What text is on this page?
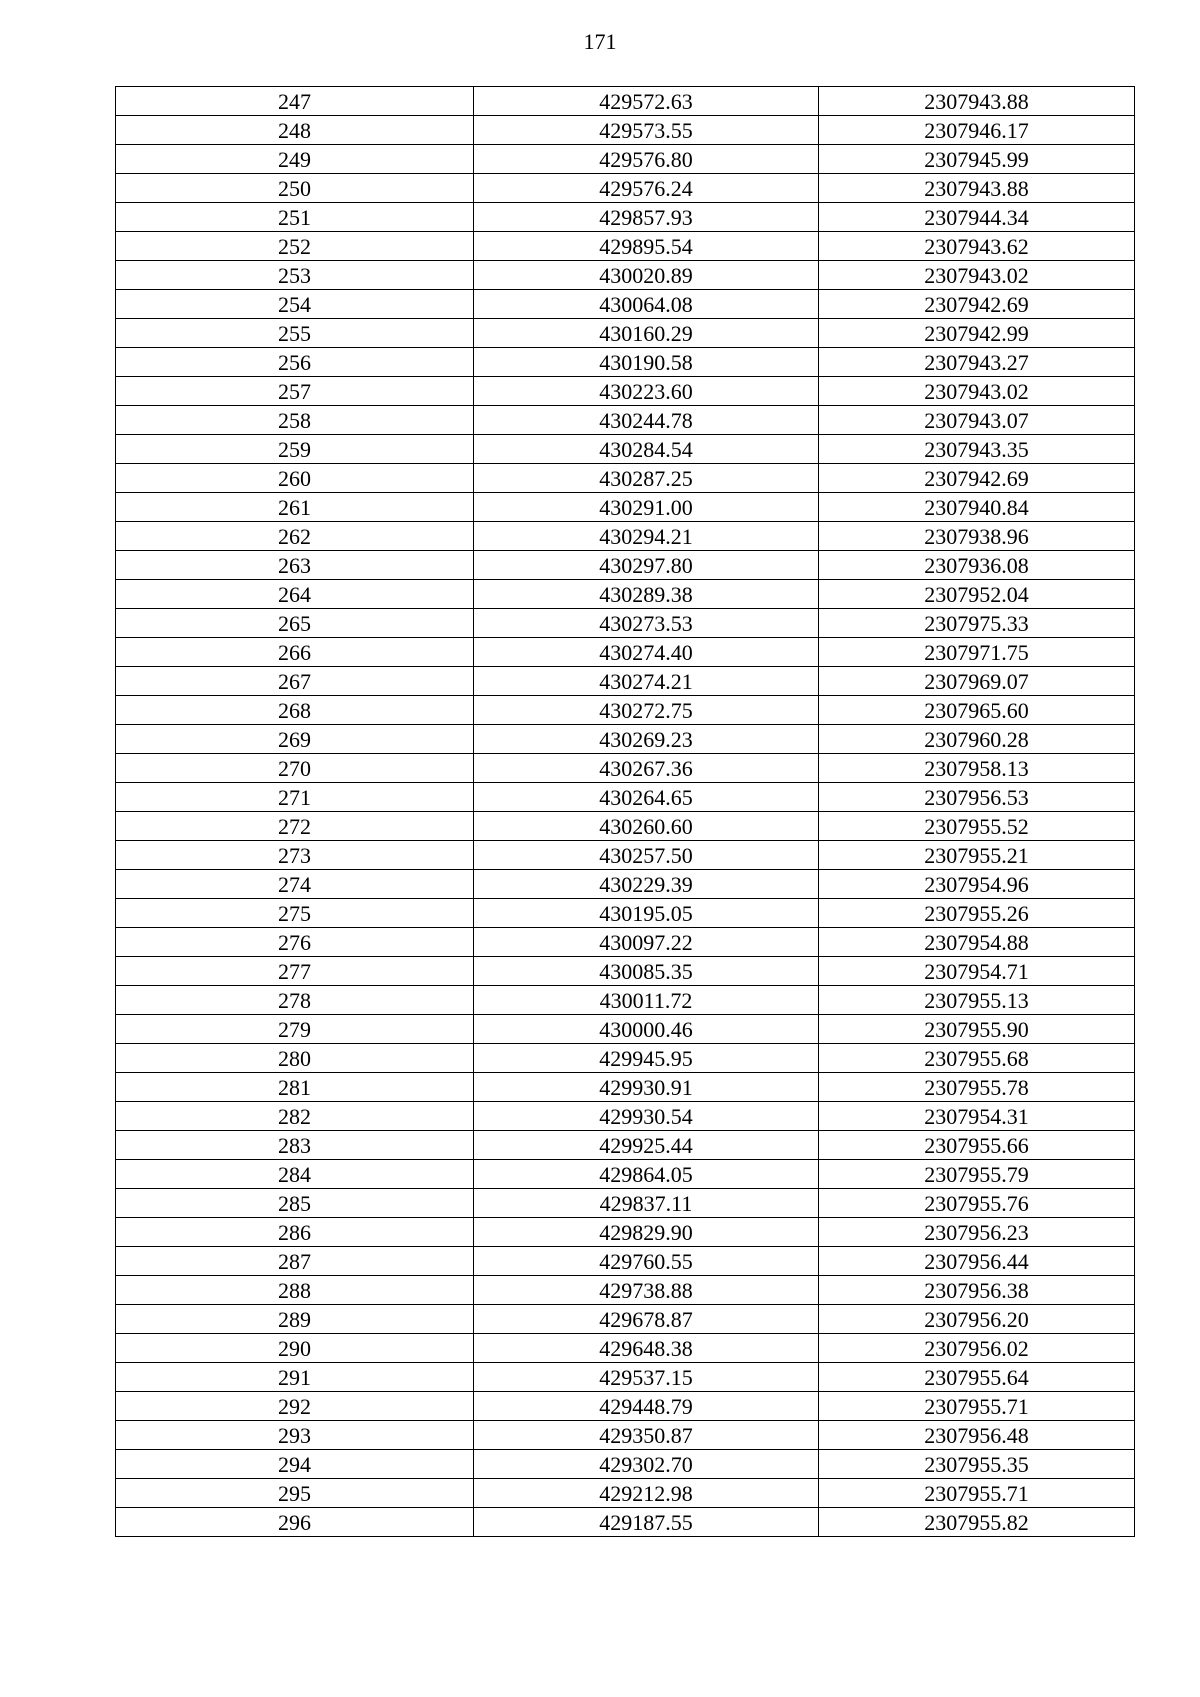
171
247	429572.63	2307943.88
248	429573.55	2307946.17
249	429576.80	2307945.99
250	429576.24	2307943.88
251	429857.93	2307944.34
252	429895.54	2307943.62
253	430020.89	2307943.02
254	430064.08	2307942.69
255	430160.29	2307942.99
256	430190.58	2307943.27
257	430223.60	2307943.02
258	430244.78	2307943.07
259	430284.54	2307943.35
260	430287.25	2307942.69
261	430291.00	2307940.84
262	430294.21	2307938.96
263	430297.80	2307936.08
264	430289.38	2307952.04
265	430273.53	2307975.33
266	430274.40	2307971.75
267	430274.21	2307969.07
268	430272.75	2307965.60
269	430269.23	2307960.28
270	430267.36	2307958.13
271	430264.65	2307956.53
272	430260.60	2307955.52
273	430257.50	2307955.21
274	430229.39	2307954.96
275	430195.05	2307955.26
276	430097.22	2307954.88
277	430085.35	2307954.71
278	430011.72	2307955.13
279	430000.46	2307955.90
280	429945.95	2307955.68
281	429930.91	2307955.78
282	429930.54	2307954.31
283	429925.44	2307955.66
284	429864.05	2307955.79
285	429837.11	2307955.76
286	429829.90	2307956.23
287	429760.55	2307956.44
288	429738.88	2307956.38
289	429678.87	2307956.20
290	429648.38	2307956.02
291	429537.15	2307955.64
292	429448.79	2307955.71
293	429350.87	2307956.48
294	429302.70	2307955.35
295	429212.98	2307955.71
296	429187.55	2307955.82
